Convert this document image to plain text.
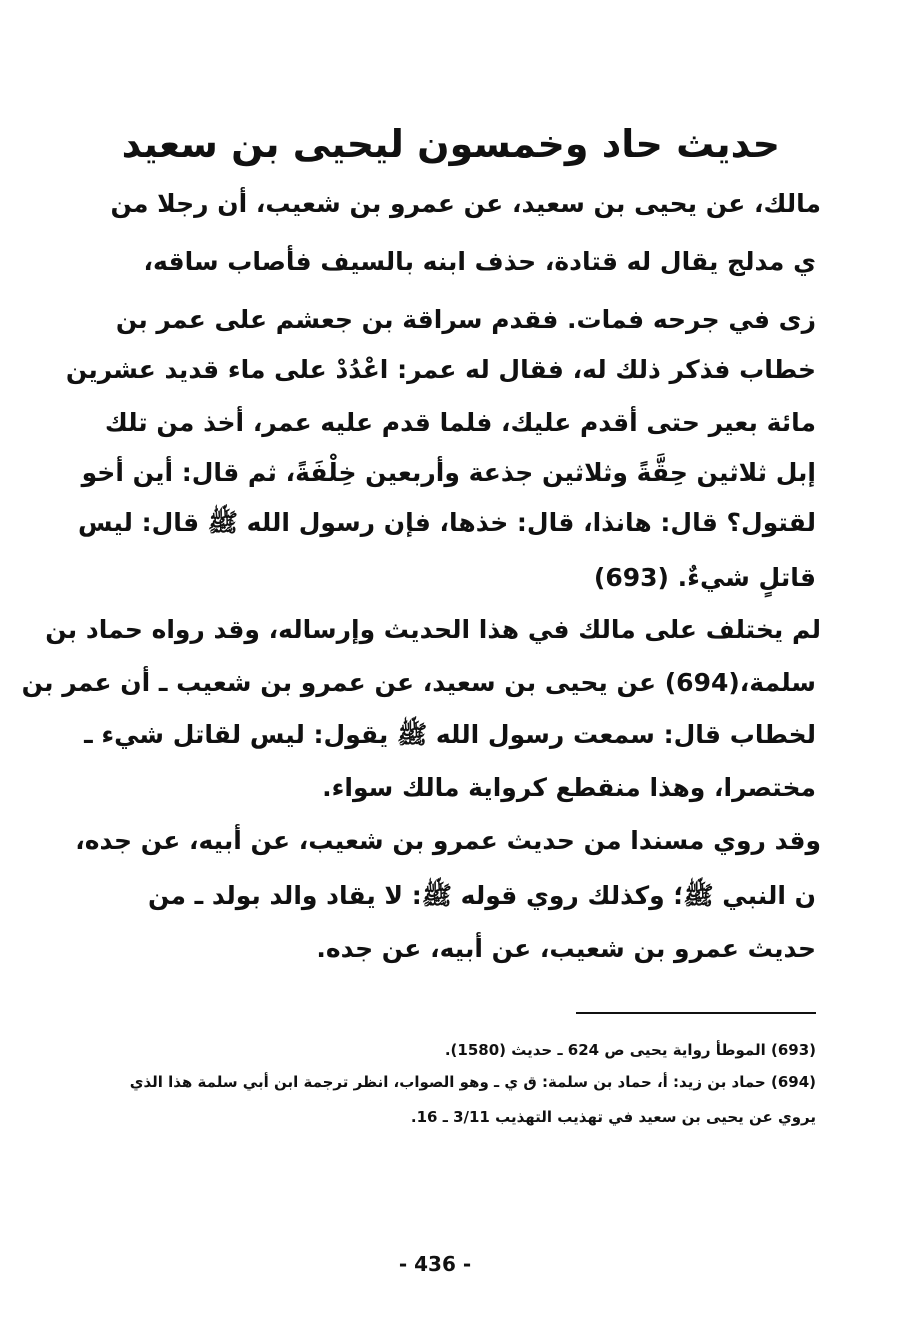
حديث حاد وخمسون ليحيى بن سعيد
مالك، عن يحيى بن سعيد، عن عمرو بن شعيب، أن رجلا من
ي مدلج يقال له قتادة، حذف ابنه بالسيف فأصاب ساقه،
زى في جرحه فمات. فقدم سراقة بن جعشم على عمر بن
خطاب فذكر ذلك له، فقال له عمر: اعْدُدْ على ماء قديد عشرين
مائة بعير حتى أقدم عليك، فلما قدم عليه عمر، أخذ من تلك
إبل ثلاثين حِقَّةً وثلاثين جذعة وأربعين خِلْفَةً، ثم قال: أين أخو
لقتول؟ قال: هانذا، قال: خذها، فإن رسول الله ﷺ قال: ليس
قاتلٍ شيءٌ. (693)
لم يختلف على مالك في هذا الحديث وإرساله، وقد رواه حماد بن
سلمة،(694) عن يحيى بن سعيد، عن عمرو بن شعيب ـ أن عمر بن
لخطاب قال: سمعت رسول الله ﷺ يقول: ليس لقاتل شيء ـ
مختصرا، وهذا منقطع كرواية مالك سواء.
وقد روي مسندا من حديث عمرو بن شعيب، عن أبيه، عن جده،
ن النبي ﷺ؛ وكذلك روي قوله ﷺ: لا يقاد والد بولد ـ من
حديث عمرو بن شعيب، عن أبيه، عن جده.
(693) الموطأ رواية يحيى ص 624 ـ حديث (1580).
(694) حماد بن زيد: أ، حماد بن سلمة: ق ي ـ وهو الصواب، انظر ترجمة ابن أبي سلمة هذا الذي
يروي عن يحيى بن سعيد في تهذيب التهذيب 3/11 ـ 16.
- 436 -
